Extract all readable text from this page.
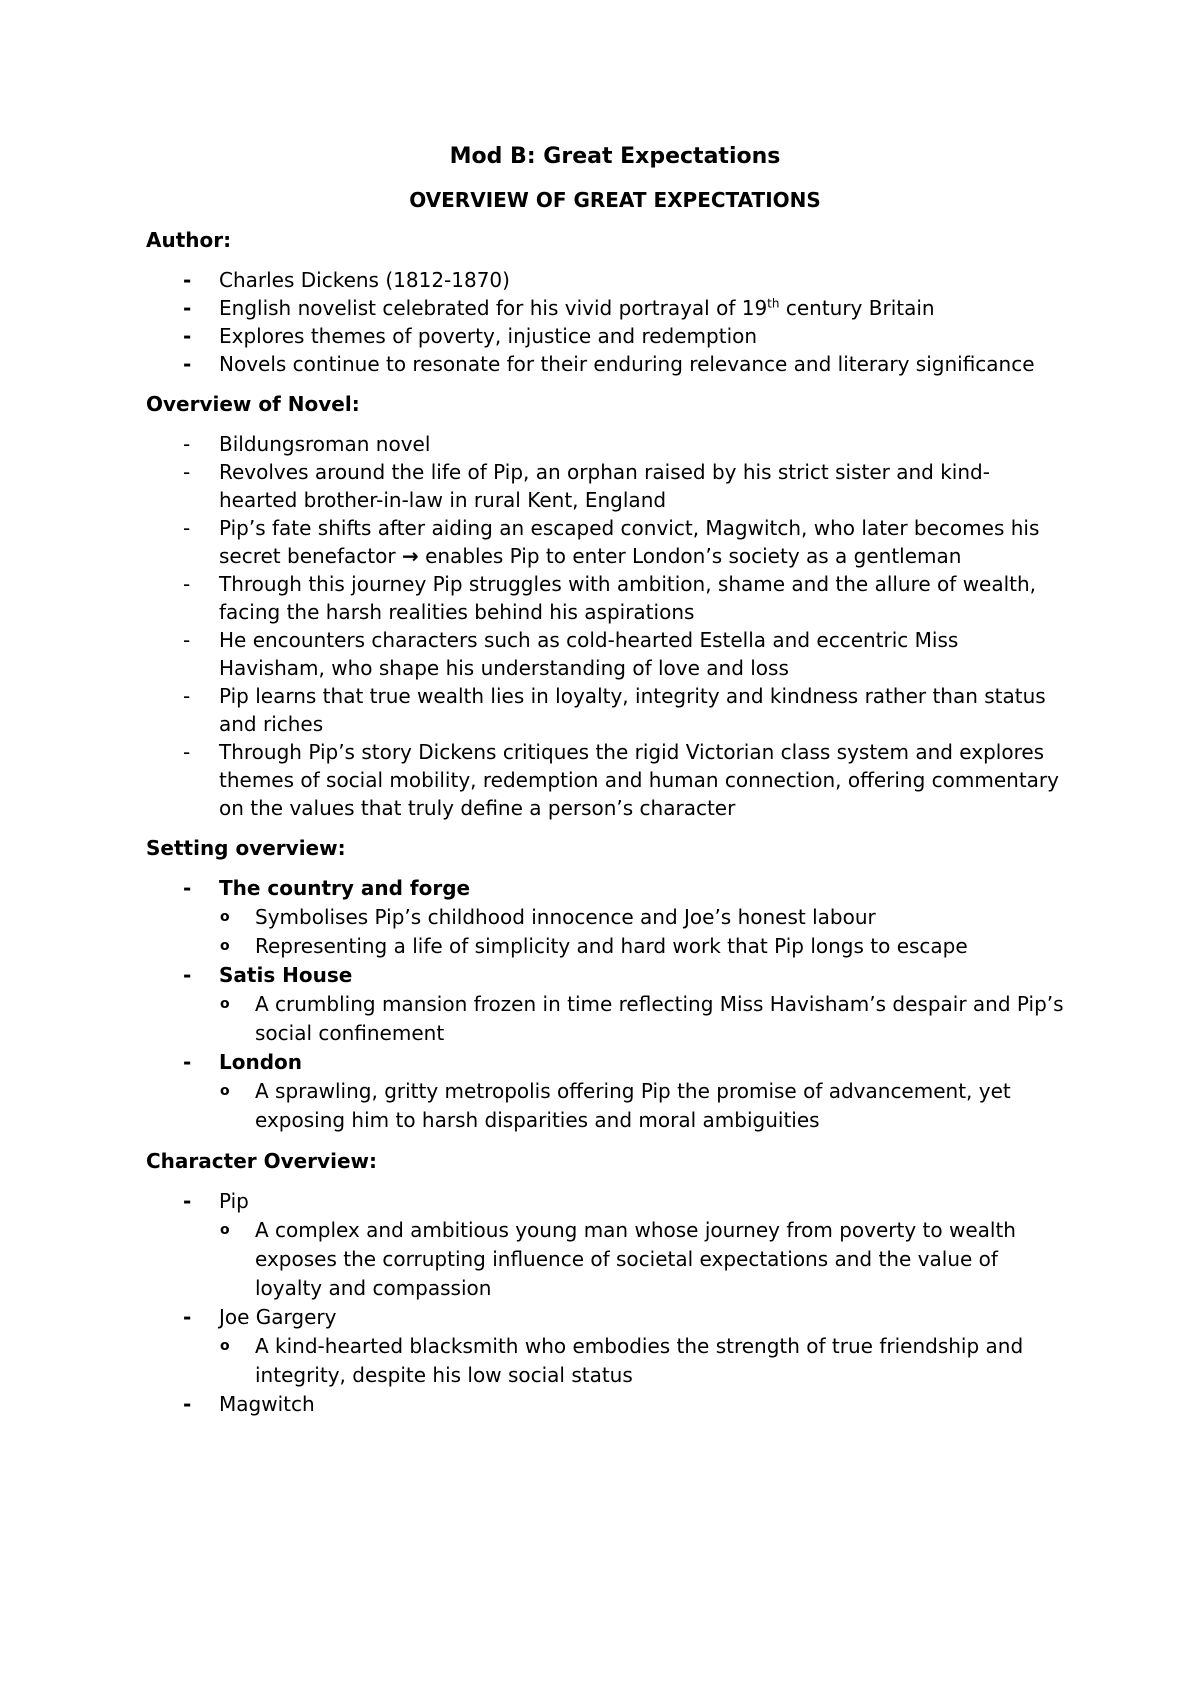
Mod B: Great Expectations
OVERVIEW OF GREAT EXPECTATIONS
Author:
-	Charles Dickens (1812-1870)
-	English novelist celebrated for his vivid portrayal of 19th century Britain
-	Explores themes of poverty, injustice and redemption
-	Novels continue to resonate for their enduring relevance and literary significance
Overview of Novel:
-	Bildungsroman novel
-	Revolves around the life of Pip, an orphan raised by his strict sister and kind-hearted brother-in-law in rural Kent, England
-	Pip’s fate shifts after aiding an escaped convict, Magwitch, who later becomes his secret benefactor → enables Pip to enter London’s society as a gentleman
-	Through this journey Pip struggles with ambition, shame and the allure of wealth, facing the harsh realities behind his aspirations
-	He encounters characters such as cold-hearted Estella and eccentric Miss Havisham, who shape his understanding of love and loss
-	Pip learns that true wealth lies in loyalty, integrity and kindness rather than status and riches
-	Through Pip’s story Dickens critiques the rigid Victorian class system and explores themes of social mobility, redemption and human connection, offering commentary on the values that truly define a person’s character
Setting overview:
-	The country and forge
o Symbolises Pip’s childhood innocence and Joe’s honest labour
o Representing a life of simplicity and hard work that Pip longs to escape
-	Satis House
o A crumbling mansion frozen in time reflecting Miss Havisham’s despair and Pip’s social confinement
-	London
o A sprawling, gritty metropolis offering Pip the promise of advancement, yet exposing him to harsh disparities and moral ambiguities
Character Overview:
-	Pip
o A complex and ambitious young man whose journey from poverty to wealth exposes the corrupting influence of societal expectations and the value of loyalty and compassion
-	Joe Gargery
o A kind-hearted blacksmith who embodies the strength of true friendship and integrity, despite his low social status
-	Magwitch
